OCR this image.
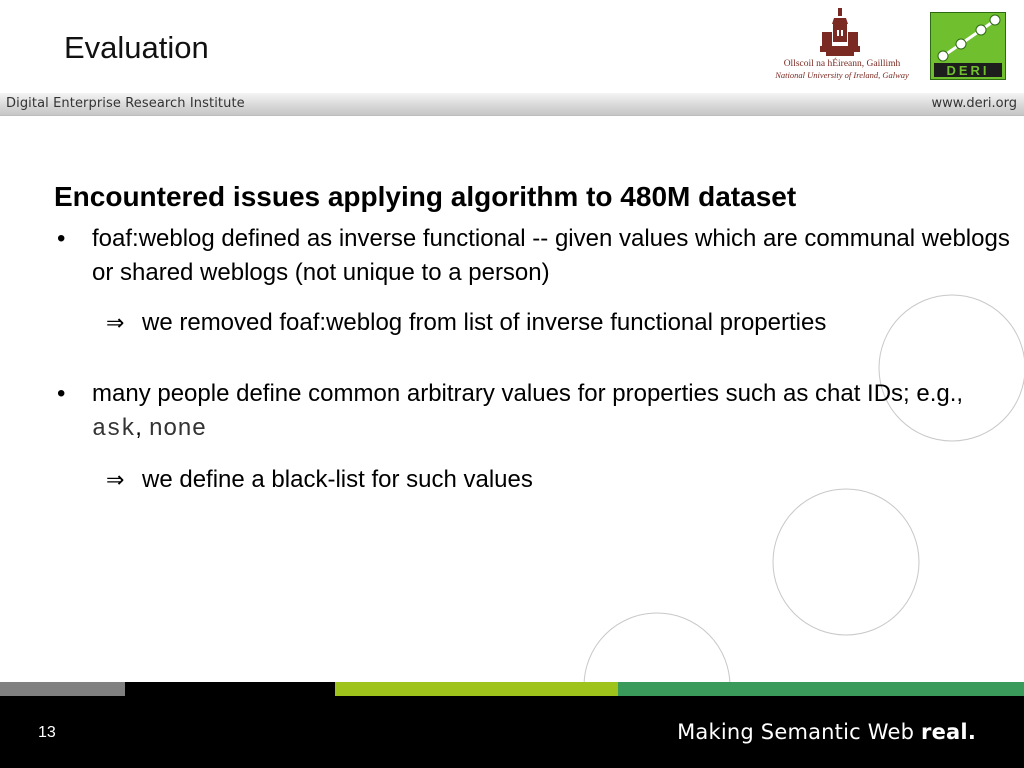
Evaluation	Ollscoil na hÉireann, Gaillimh
National University of Ireland, Galway	DERI
Digital Enterprise Research Institute	www.deri.org
Encountered issues applying algorithm to 480M dataset
• foaf:weblog defined as inverse functional -- given values which are communal weblogs or shared weblogs (not unique to a person)
⇒ we removed foaf:weblog from list of inverse functional properties
• many people define common arbitrary values for properties such as chat IDs; e.g., ask, none
⇒ we define a black-list for such values
13	Making Semantic Web real.
